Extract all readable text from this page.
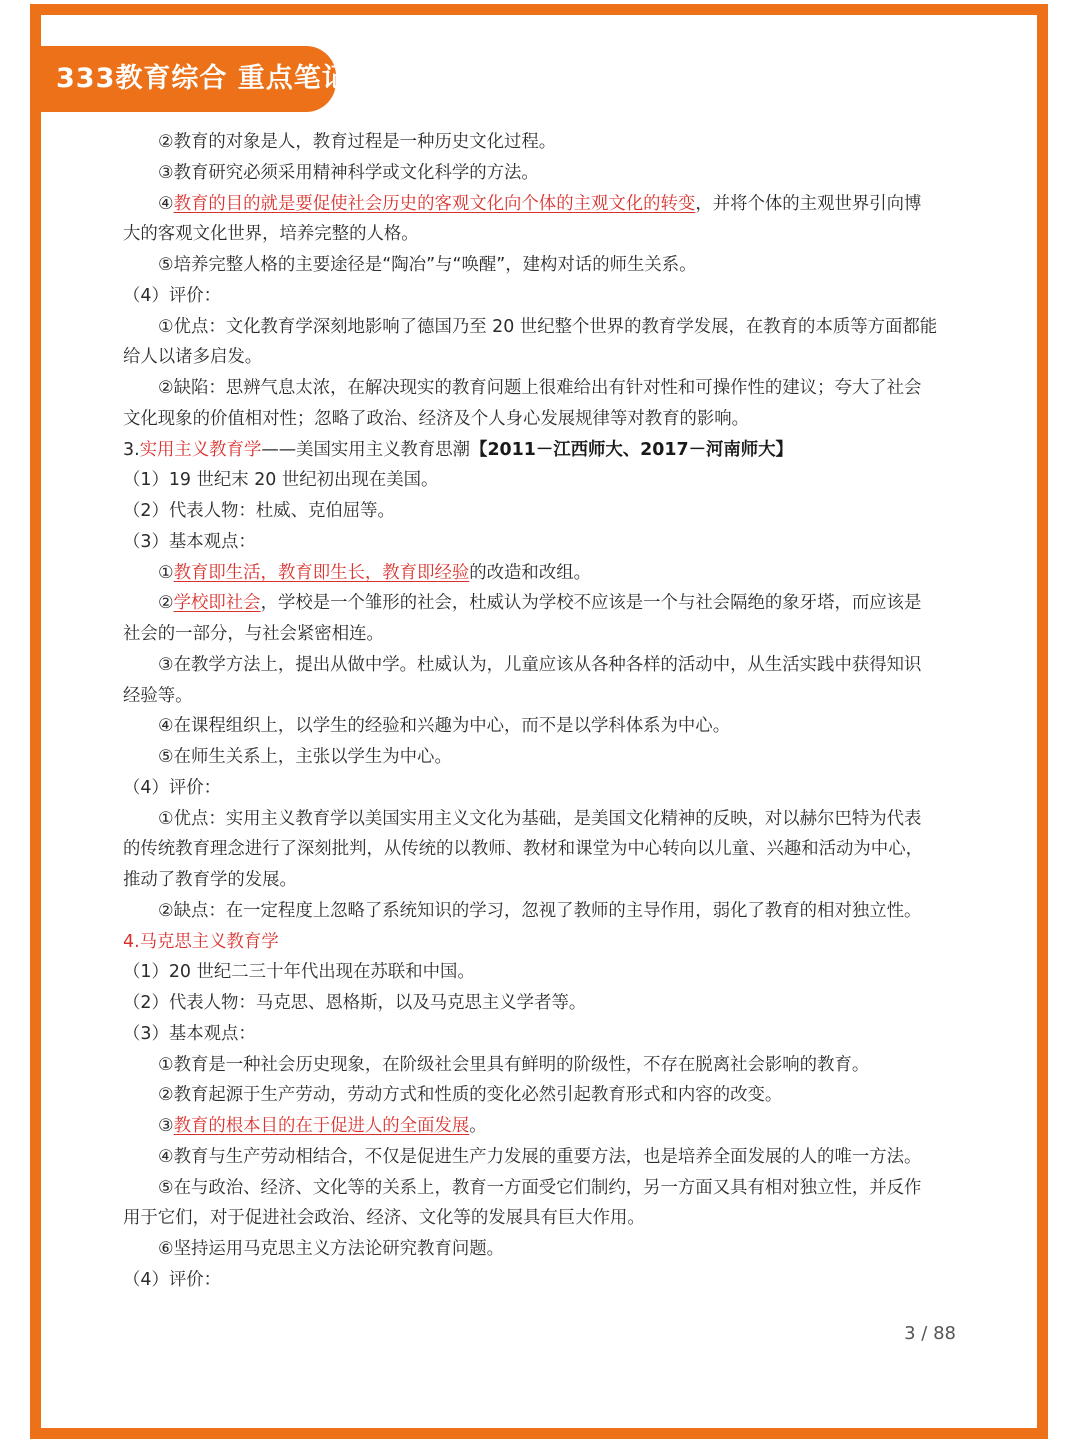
333教育综合 重点笔记
②教育的对象是人，教育过程是一种历史文化过程。
③教育研究必须采用精神科学或文化科学的方法。
④教育的目的就是要促使社会历史的客观文化向个体的主观文化的转变，并将个体的主观世界引向博
大的客观文化世界，培养完整的人格。
⑤培养完整人格的主要途径是“陶冶”与“唤醒”，建构对话的师生关系。
（4）评价：
①优点：文化教育学深刻地影响了德国乃至 20 世纪整个世界的教育学发展，在教育的本质等方面都能
给人以诸多启发。
②缺陷：思辨气息太浓，在解决现实的教育问题上很难给出有针对性和可操作性的建议；夸大了社会
文化现象的价值相对性；忽略了政治、经济及个人身心发展规律等对教育的影响。
3.实用主义教育学——美国实用主义教育思潮【2011－江西师大、2017－河南师大】
（1）19 世纪末 20 世纪初出现在美国。
（2）代表人物：杜威、克伯屈等。
（3）基本观点：
①教育即生活，教育即生长，教育即经验的改造和改组。
②学校即社会，学校是一个雏形的社会，杜威认为学校不应该是一个与社会隔绝的象牙塔，而应该是
社会的一部分，与社会紧密相连。
③在教学方法上，提出从做中学。杜威认为，儿童应该从各种各样的活动中，从生活实践中获得知识
经验等。
④在课程组织上，以学生的经验和兴趣为中心，而不是以学科体系为中心。
⑤在师生关系上，主张以学生为中心。
（4）评价：
①优点：实用主义教育学以美国实用主义文化为基础，是美国文化精神的反映，对以赫尔巴特为代表
的传统教育理念进行了深刻批判，从传统的以教师、教材和课堂为中心转向以儿童、兴趣和活动为中心，
推动了教育学的发展。
②缺点：在一定程度上忽略了系统知识的学习，忽视了教师的主导作用，弱化了教育的相对独立性。
4.马克思主义教育学
（1）20 世纪二三十年代出现在苏联和中国。
（2）代表人物：马克思、恩格斯，以及马克思主义学者等。
（3）基本观点：
①教育是一种社会历史现象，在阶级社会里具有鲜明的阶级性，不存在脱离社会影响的教育。
②教育起源于生产劳动，劳动方式和性质的变化必然引起教育形式和内容的改变。
③教育的根本目的在于促进人的全面发展。
④教育与生产劳动相结合，不仅是促进生产力发展的重要方法，也是培养全面发展的人的唯一方法。
⑤在与政治、经济、文化等的关系上，教育一方面受它们制约，另一方面又具有相对独立性，并反作
用于它们，对于促进社会政治、经济、文化等的发展具有巨大作用。
⑥坚持运用马克思主义方法论研究教育问题。
（4）评价：
3 / 88
